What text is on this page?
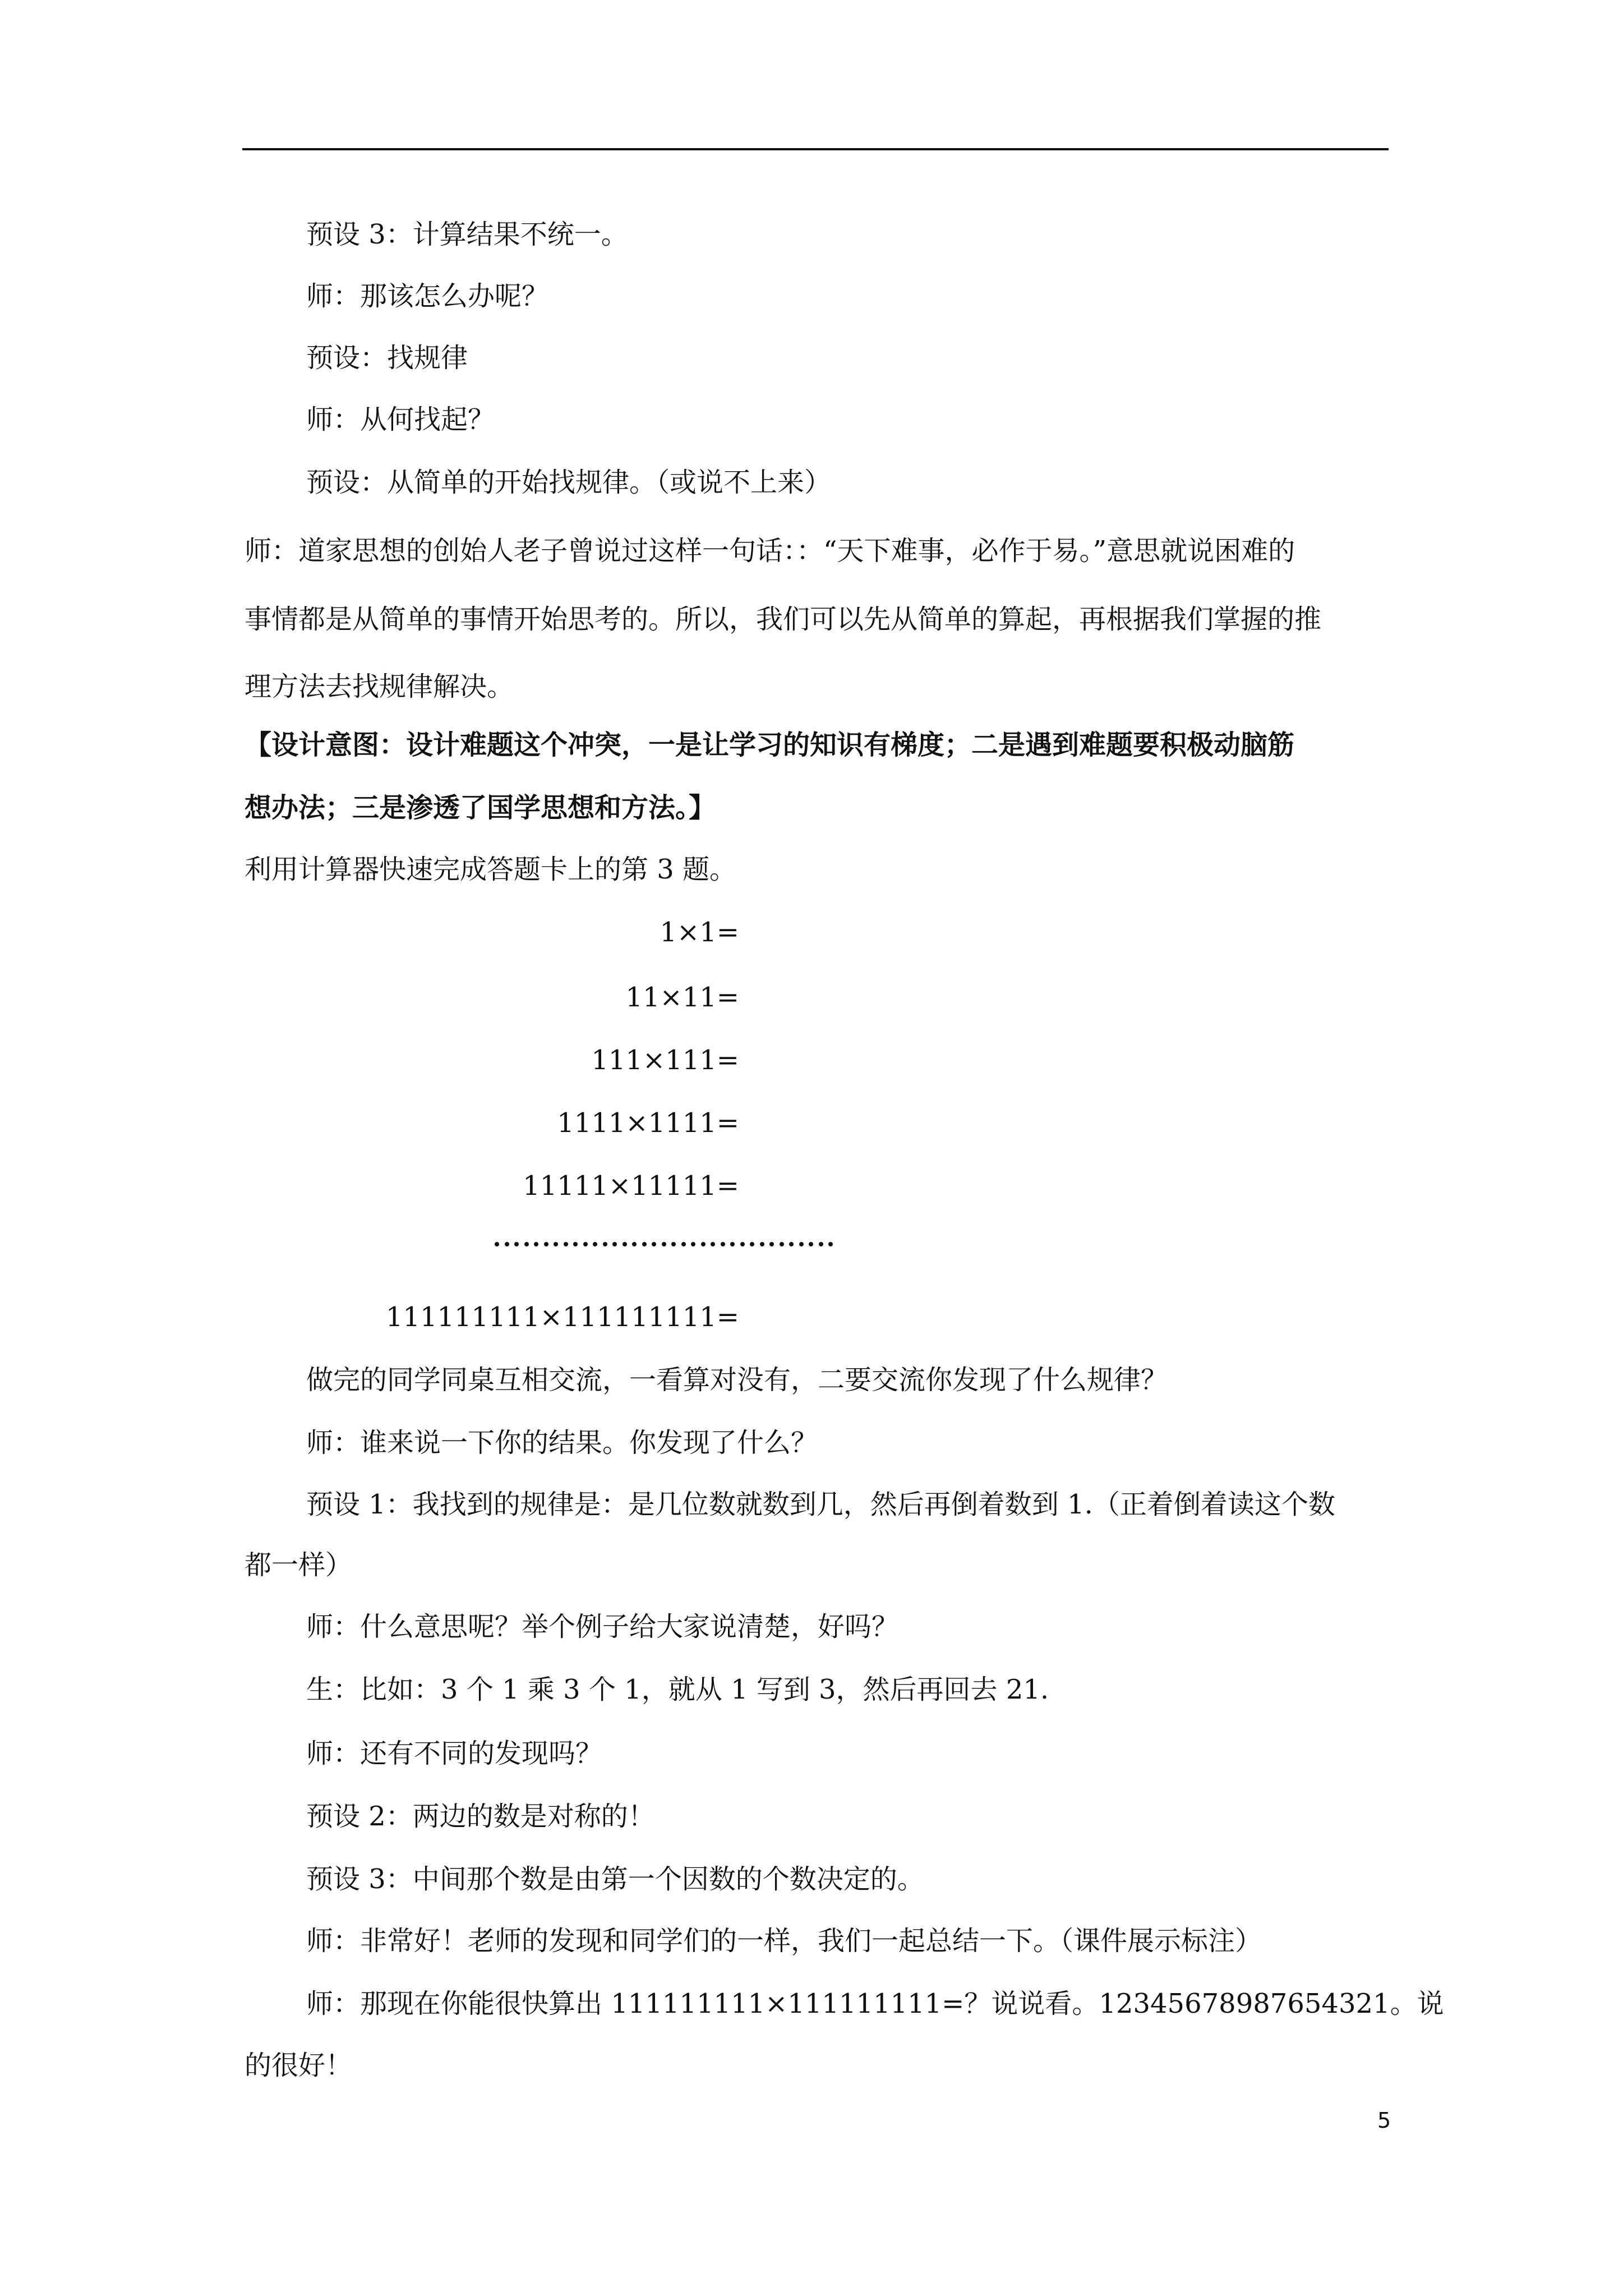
预设 3：计算结果不统一。
师：那该怎么办呢？
预设：找规律
师：从何找起？
预设：从简单的开始找规律。（或说不上来）
师：道家思想的创始人老子曾说过这样一句话：：“天下难事，必作于易。”意思就说困难的
事情都是从简单的事情开始思考的。所以，我们可以先从简单的算起，再根据我们掌握的推
理方法去找规律解决。
【设计意图：设计难题这个冲突，一是让学习的知识有梯度；二是遇到难题要积极动脑筋
想办法；三是渗透了国学思想和方法。】
利用计算器快速完成答题卡上的第 3 题。
1×1=
11×11=
111×111=
1111×1111=
11111×11111=
111111111×111111111=
做完的同学同桌互相交流，一看算对没有，二要交流你发现了什么规律？
师：谁来说一下你的结果。你发现了什么？
预设 1：我找到的规律是：是几位数就数到几，然后再倒着数到 1.（正着倒着读这个数
都一样）
师：什么意思呢？举个例子给大家说清楚，好吗？
生：比如：3 个 1 乘 3 个 1，就从 1 写到 3，然后再回去 21.
师：还有不同的发现吗？
预设 2：两边的数是对称的！
预设 3：中间那个数是由第一个因数的个数决定的。
师：非常好！老师的发现和同学们的一样，我们一起总结一下。（课件展示标注）
师：那现在你能很快算出 111111111×111111111=？说说看。12345678987654321。说
的很好！
5
